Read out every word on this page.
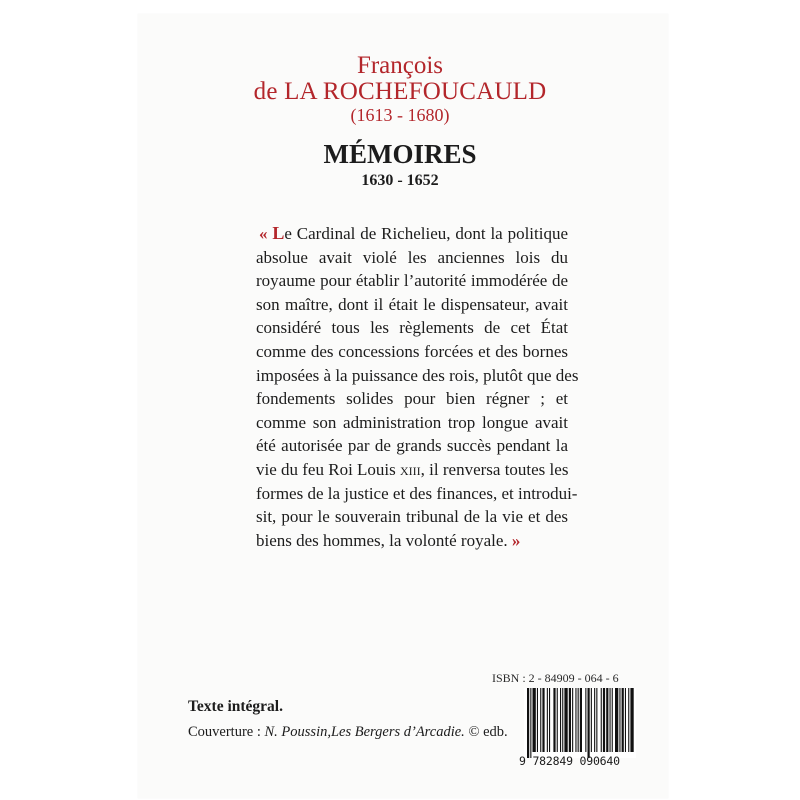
François
de LA ROCHEFOUCAULD
(1613 - 1680)
MÉMOIRES
1630 - 1652
« Le Cardinal de Richelieu, dont la politique
absolue avait violé les anciennes lois du
royaume pour établir l’autorité immodérée de
son maître, dont il était le dispensateur, avait
considéré tous les règlements de cet État
comme des concessions forcées et des bornes
imposées à la puissance des rois, plutôt que des
fondements solides pour bien régner ; et
comme son administration trop longue avait
été autorisée par de grands succès pendant la
vie du feu Roi Louis xiii, il renversa toutes les
formes de la justice et des finances, et introdui-
sit, pour le souverain tribunal de la vie et des
biens des hommes, la volonté royale. »
ISBN : 2 - 84909 - 064 - 6
Texte intégral.
Couverture : N. Poussin,Les Bergers d’Arcadie. © edb.
9 782849 090640
